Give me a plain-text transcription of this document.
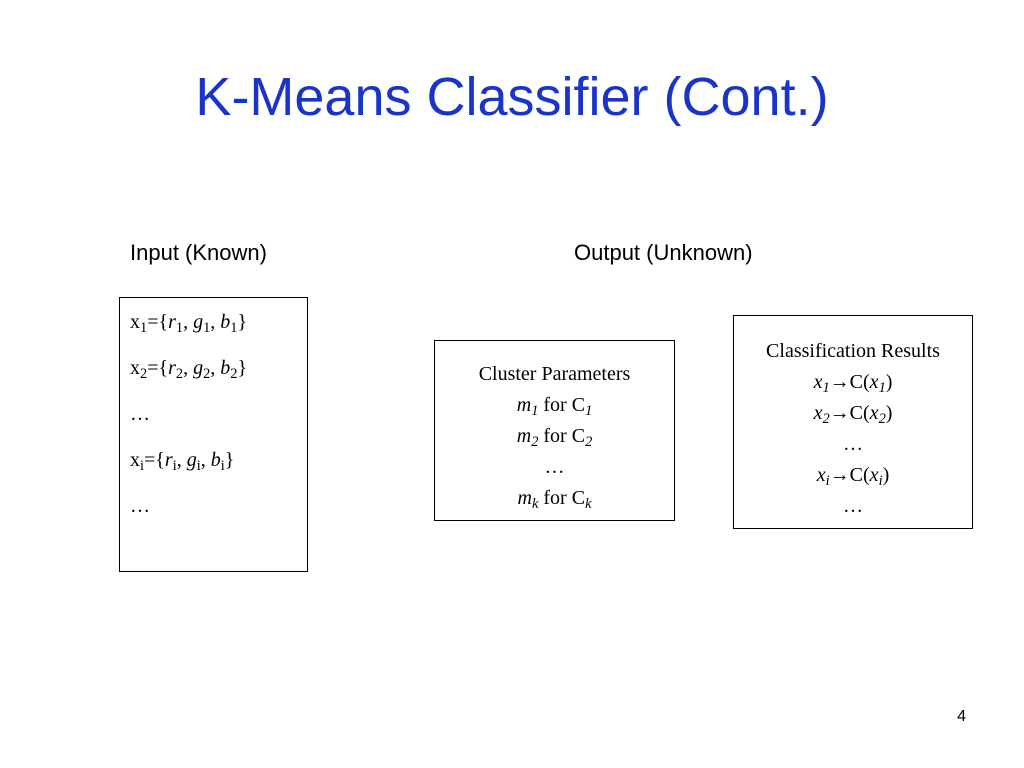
K-Means Classifier (Cont.)
Input (Known)	Output (Unknown)
$x_1=\{r_1$, $g_1$, $b_1$}
$x_2=\{r_2$, $g_2$, $b_2$}
…
$x_i=\{r_i$, $g_i$, $b_i$}
…
Cluster Parameters
$m_1$ for $C_1$
$m_2$ for $C_2$
…
$m_k$ for $C_k$
Classification Results
$x_1\to C(x_1)$
$x_2\to C(x_2)$
…
$x_i\to C(x_i)$
…
4
